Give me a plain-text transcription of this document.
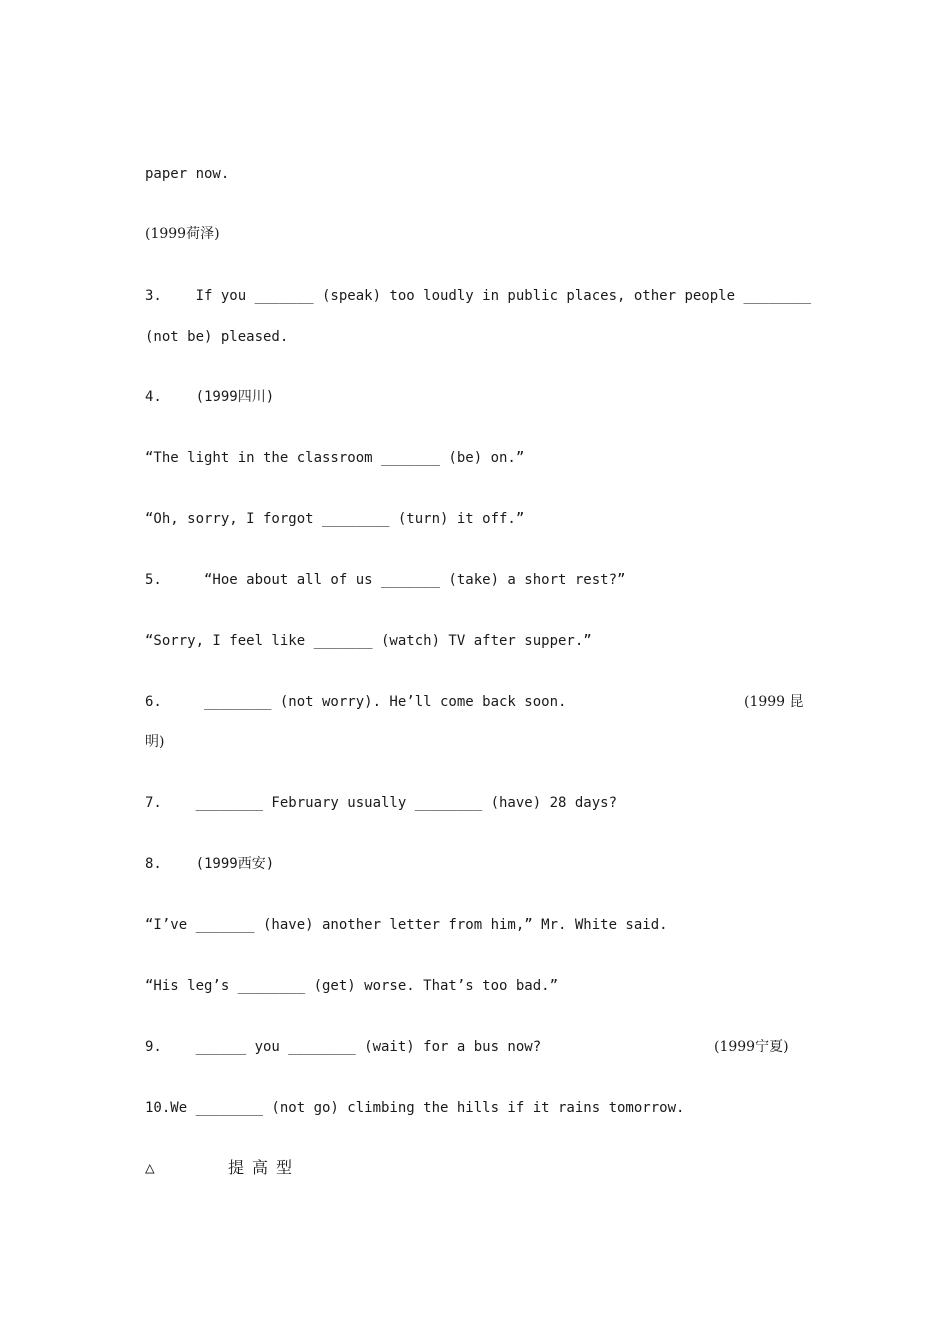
paper now.
(1999荷泽)
3.    If you _______ (speak) too loudly in public places, other people ________
(not be) pleased.
4.    (1999四川)
“The light in the classroom _______ (be) on.”
“Oh, sorry, I forgot ________ (turn) it off.”
5.     “Hoe about all of us _______ (take) a short rest?”
“Sorry, I feel like _______ (watch) TV after supper.”
6.     ________ (not worry). He’ll come back soon.	(1999 昆
明)
7.    ________ February usually ________ (have) 28 days?
8.    (1999西安)
“I’ve _______ (have) another letter from him,” Mr. White said.
“His leg’s ________ (get) worse. That’s too bad.”
9.    ______ you ________ (wait) for a bus now?	(1999宁夏)
10.We ________ (not go) climbing the hills if it rains tomorrow.
△	提高型
